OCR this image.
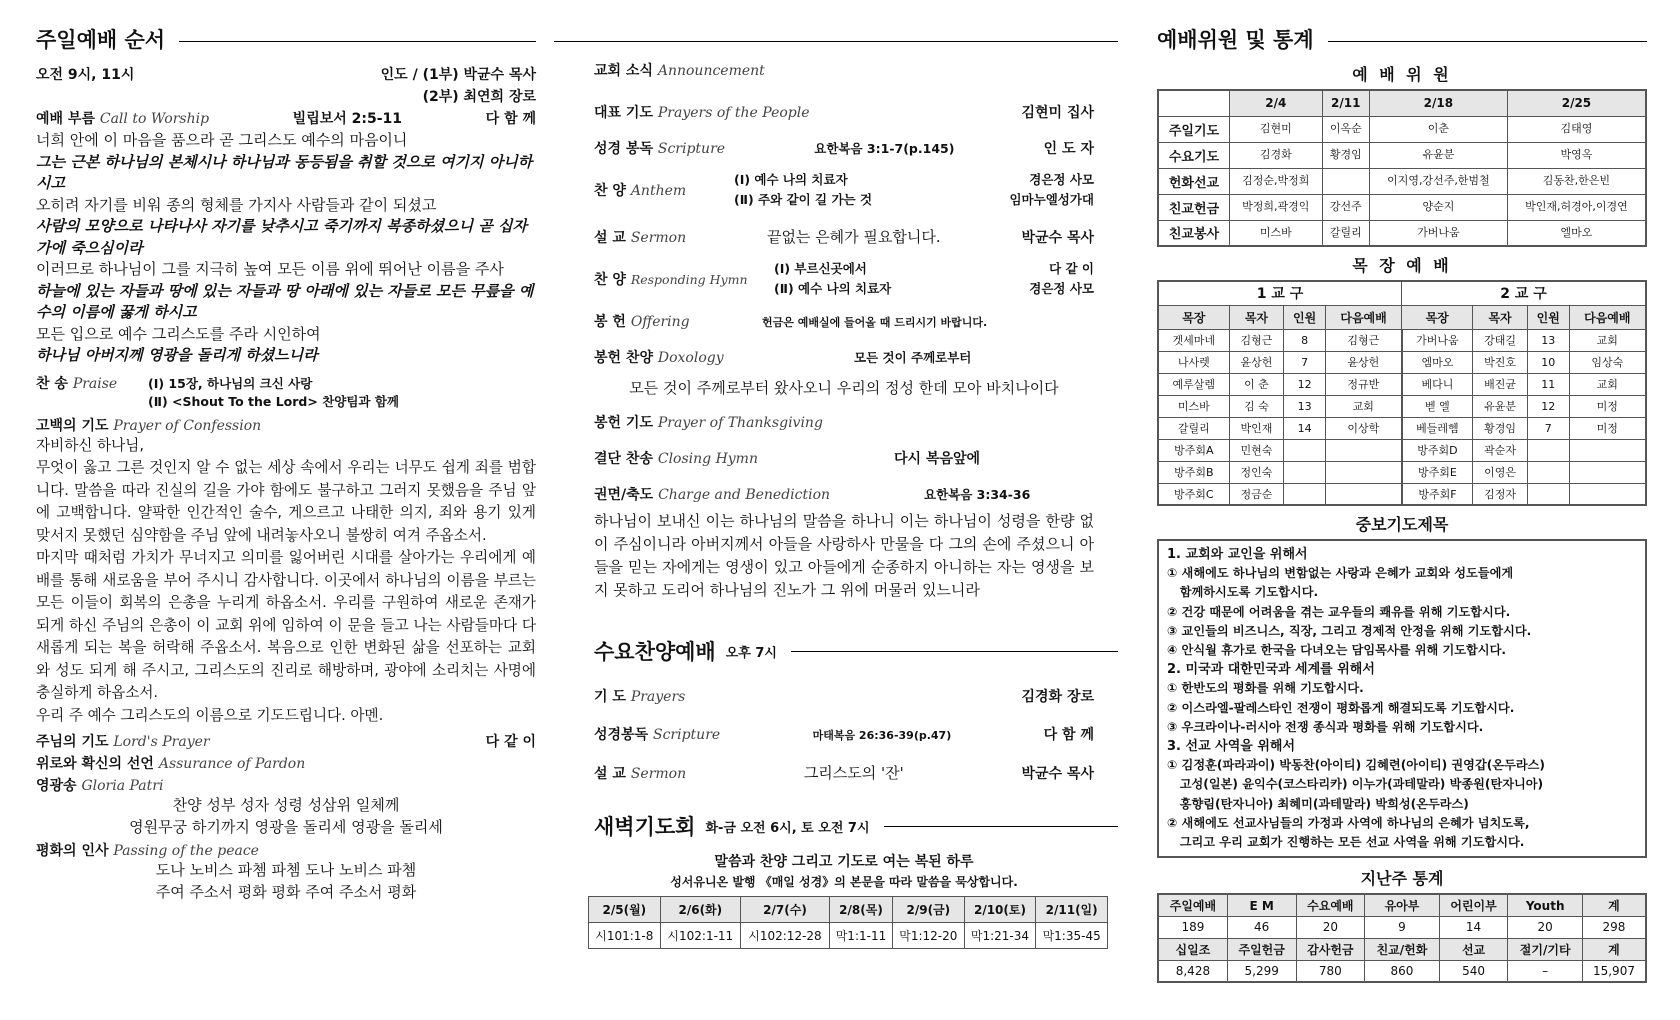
주일예배 순서
오전 9시, 11시	인도 / (1부) 박균수 목사
(2부) 최연희 장로
예배 부름 Call to Worship	빌립보서 2:5-11	다 함 께
너희 안에 이 마음을 품으라 곧 그리스도 예수의 마음이니
그는 근본 하나님의 본체시나 하나님과 동등됨을 취할 것으로 여기지 아니하시고
오히려 자기를 비워 종의 형체를 가지사 사람들과 같이 되셨고
사람의 모양으로 나타나사 자기를 낮추시고 죽기까지 복종하셨으니 곧 십자가에 죽으심이라
이러므로 하나님이 그를 지극히 높여 모든 이름 위에 뛰어난 이름을 주사
하늘에 있는 자들과 땅에 있는 자들과 땅 아래에 있는 자들로 모든 무릎을 예수의 이름에 꿇게 하시고
모든 입으로 예수 그리스도를 주라 시인하여
하나님 아버지께 영광을 돌리게 하셨느니라
찬 송 Praise	(Ⅰ) 15장, 하나님의 크신 사랑
(Ⅱ) <Shout To the Lord> 찬양팀과 함께
고백의 기도 Prayer of Confession
자비하신 하나님,
무엇이 옳고 그른 것인지 알 수 없는 세상 속에서 우리는 너무도 쉽게 죄를 범합니다. 말씀을 따라 진실의 길을 가야 함에도 불구하고 그러지 못했음을 주님 앞에 고백합니다. 얄팍한 인간적인 술수, 게으르고 나태한 의지, 죄와 용기 있게 맞서지 못했던 심약함을 주님 앞에 내려놓사오니 불쌍히 여겨 주옵소서.
마지막 때처럼 가치가 무너지고 의미를 잃어버린 시대를 살아가는 우리에게 예배를 통해 새로움을 부어 주시니 감사합니다. 이곳에서 하나님의 이름을 부르는 모든 이들이 회복의 은총을 누리게 하옵소서. 우리를 구원하여 새로운 존재가 되게 하신 주님의 은총이 이 교회 위에 임하여 이 문을 들고 나는 사람들마다 다 새롭게 되는 복을 허락해 주옵소서. 복음으로 인한 변화된 삶을 선포하는 교회와 성도 되게 해 주시고, 그리스도의 진리로 해방하며, 광야에 소리치는 사명에 충실하게 하옵소서.
우리 주 예수 그리스도의 이름으로 기도드립니다. 아멘.
주님의 기도 Lord's Prayer	다 같 이
위로와 확신의 선언 Assurance of Pardon
영광송 Gloria Patri
찬양 성부 성자 성령 성삼위 일체께
영원무궁 하기까지 영광을 돌리세 영광을 돌리세
평화의 인사 Passing of the peace
도나 노비스 파쳄 파쳄 도나 노비스 파쳄
주여 주소서 평화 평화 주여 주소서 평화
교회 소식 Announcement
대표 기도 Prayers of the People	김현미 집사
성경 봉독 Scripture	요한복음 3:1-7(p.145)	인 도 자
찬 양 Anthem
(Ⅰ) 예수 나의 치료자	경은정 사모
(Ⅱ) 주와 같이 길 가는 것	임마누엘성가대
설 교 Sermon	끝없는 은혜가 필요합니다.	박균수 목사
찬 양 Responding Hymn
(Ⅰ) 부르신곳에서	다 같 이
(Ⅱ) 예수 나의 치료자	경은정 사모
봉 헌 Offering	헌금은 예배실에 들어올 때 드리시기 바랍니다.
봉헌 찬양 Doxology	모든 것이 주께로부터
모든 것이 주께로부터 왔사오니 우리의 정성 한데 모아 바치나이다
봉헌 기도 Prayer of Thanksgiving
결단 찬송 Closing Hymn	다시 복음앞에
권면/축도 Charge and Benediction	요한복음 3:34-36
하나님이 보내신 이는 하나님의 말씀을 하나니 이는 하나님이 성령을 한량 없이 주심이니라 아버지께서 아들을 사랑하사 만물을 다 그의 손에 주셨으니 아들을 믿는 자에게는 영생이 있고 아들에게 순종하지 아니하는 자는 영생을 보지 못하고 도리어 하나님의 진노가 그 위에 머물러 있느니라
수요찬양예배 오후 7시
기 도 Prayers	김경화 장로
성경봉독 Scripture	마태복음 26:36-39(p.47)	다 함 께
설 교 Sermon	그리스도의 '잔'	박균수 목사
새벽기도회 화-금 오전 6시, 토 오전 7시
말씀과 찬양 그리고 기도로 여는 복된 하루
성서유니온 발행 《매일 성경》의 본문을 따라 말씀을 묵상합니다.
2/5(월)	2/6(화)	2/7(수)	2/8(목)	2/9(금)	2/10(토)	2/11(일)
시101:1-8	시102:1-11	시102:12-28	막1:1-11	막1:12-20	막1:21-34	막1:35-45
예배위원 및 통계
예 배 위 원
	2/4	2/11	2/18	2/25
주일기도	김현미	이옥순	이춘	김태영
수요기도	김경화	황경임	유윤분	박영옥
헌화선교	김정순,박정희		이지영,강선주,한범철	김동찬,한은빈
친교헌금	박정희,곽경익	강선주	양순지	박인재,허경아,이경연
친교봉사	미스바	갈릴리	가버나움	엘마오
목 장 예 배
1 교 구				2 교 구			
목장	목자	인원	다음예배	목장	목자	인원	다음예배
겟세마네	김형근	8	김형근	가버나움	강태길	13	교회
나사렛	윤상헌	7	윤상헌	엠마오	박진호	10	임상숙
예루살렘	이 춘	12	정규반	베다니	배진균	11	교회
미스바	김 숙	13	교회	벧 엘	유윤분	12	미정
갈릴리	박인재	14	이상학	베들레헴	황경임	7	미정
방주회A	민현숙			방주회D	곽순자		
방주회B	정인숙			방주회E	이영은		
방주회C	정금순			방주회F	김정자		
중보기도제목
1. 교회와 교인을 위해서
① 새해에도 하나님의 변함없는 사랑과 은혜가 교회와 성도들에게
함께하시도록 기도합시다.
② 건강 때문에 어려움을 겪는 교우들의 쾌유를 위해 기도합시다.
③ 교인들의 비즈니스, 직장, 그리고 경제적 안정을 위해 기도합시다.
④ 안식월 휴가로 한국을 다녀오는 담임목사를 위해 기도합시다.
2. 미국과 대한민국과 세계를 위해서
① 한반도의 평화를 위해 기도합시다.
② 이스라엘-팔레스타인 전쟁이 평화롭게 해결되도록 기도합시다.
③ 우크라이나-러시아 전쟁 종식과 평화를 위해 기도합시다.
3. 선교 사역을 위해서
① 김정훈(파라과이) 박동찬(아이티) 김혜련(아이티) 권영갑(온두라스)
고성(일본) 윤익수(코스타리카) 이누가(과테말라) 박종원(탄자니아)
홍향림(탄자니아) 최혜미(과테말라) 박희성(온두라스)
② 새해에도 선교사님들의 가정과 사역에 하나님의 은혜가 넘치도록,
그리고 우리 교회가 진행하는 모든 선교 사역을 위해 기도합시다.
지난주 통계
주일예배	E M	수요예배	유아부	어린이부	Youth	계
189	46	20	9	14	20	298
십일조	주일헌금	감사헌금	친교/헌화	선교	절기/기타	계
8,428	5,299	780	860	540	–	15,907
